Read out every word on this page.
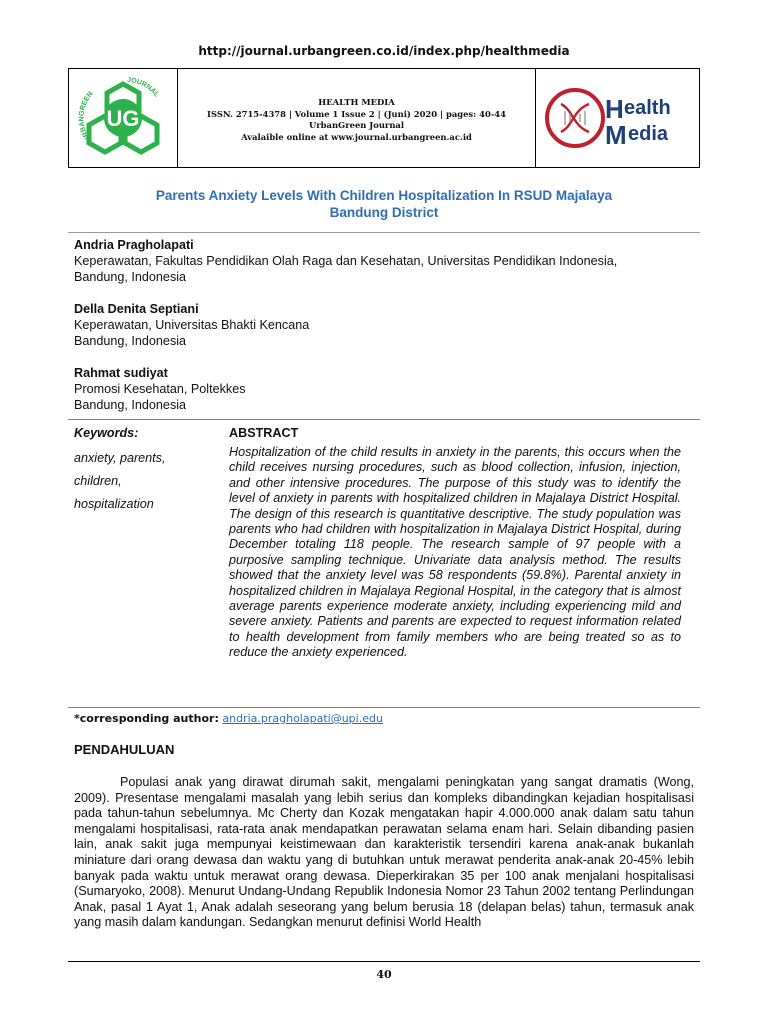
http://journal.urbangreen.co.id/index.php/healthmedia
UG
URBANGREEN
JOURNAL
HEALTH MEDIA
ISSN. 2715-4378 | Volume 1 Issue 2 | (Juni) 2020 | pages: 40-44
UrbanGreen Journal
Avalaible online at www.journal.urbangreen.ac.id
H ealth
M edia
Parents Anxiety Levels With Children Hospitalization In RSUD Majalaya
Bandung District
Andria Pragholapati
Keperawatan, Fakultas Pendidikan Olah Raga dan Kesehatan, Universitas Pendidikan Indonesia,
Bandung, Indonesia
Della Denita Septiani
Keperawatan, Universitas Bhakti Kencana
Bandung, Indonesia
Rahmat sudiyat
Promosi Kesehatan, Poltekkes
Bandung, Indonesia
Keywords:
anxiety, parents,
children,
hospitalization
ABSTRACT
Hospitalization of the child results in anxiety in the parents, this occurs when the child receives nursing procedures, such as blood collection, infusion, injection, and other intensive procedures. The purpose of this study was to identify the level of anxiety in parents with hospitalized children in Majalaya District Hospital. The design of this research is quantitative descriptive. The study population was parents who had children with hospitalization in Majalaya District Hospital, during December totaling 118 people. The research sample of 97 people with a purposive sampling technique. Univariate data analysis method. The results showed that the anxiety level was 58 respondents (59.8%). Parental anxiety in hospitalized children in Majalaya Regional Hospital, in the category that is almost average parents experience moderate anxiety, including experiencing mild and severe anxiety. Patients and parents are expected to request information related to health development from family members who are being treated so as to reduce the anxiety experienced.
*corresponding author: andria.pragholapati@upi.edu
PENDAHULUAN
Populasi anak yang dirawat dirumah sakit, mengalami peningkatan yang sangat dramatis (Wong, 2009). Presentase mengalami masalah yang lebih serius dan kompleks dibandingkan kejadian hospitalisasi pada tahun-tahun sebelumnya. Mc Cherty dan Kozak mengatakan hapir 4.000.000 anak dalam satu tahun mengalami hospitalisasi, rata-rata anak mendapatkan perawatan selama enam hari. Selain dibanding pasien lain, anak sakit juga mempunyai keistimewaan dan karakteristik tersendiri karena anak-anak bukanlah miniature dari orang dewasa dan waktu yang di butuhkan untuk merawat penderita anak-anak 20-45% lebih banyak pada waktu untuk merawat orang dewasa. Dieperkirakan 35 per 100 anak menjalani hospitalisasi (Sumaryoko, 2008). Menurut Undang-Undang Republik Indonesia Nomor 23 Tahun 2002 tentang Perlindungan Anak, pasal 1 Ayat 1, Anak adalah seseorang yang belum berusia 18 (delapan belas) tahun, termasuk anak yang masih dalam kandungan. Sedangkan menurut definisi World Health
40
